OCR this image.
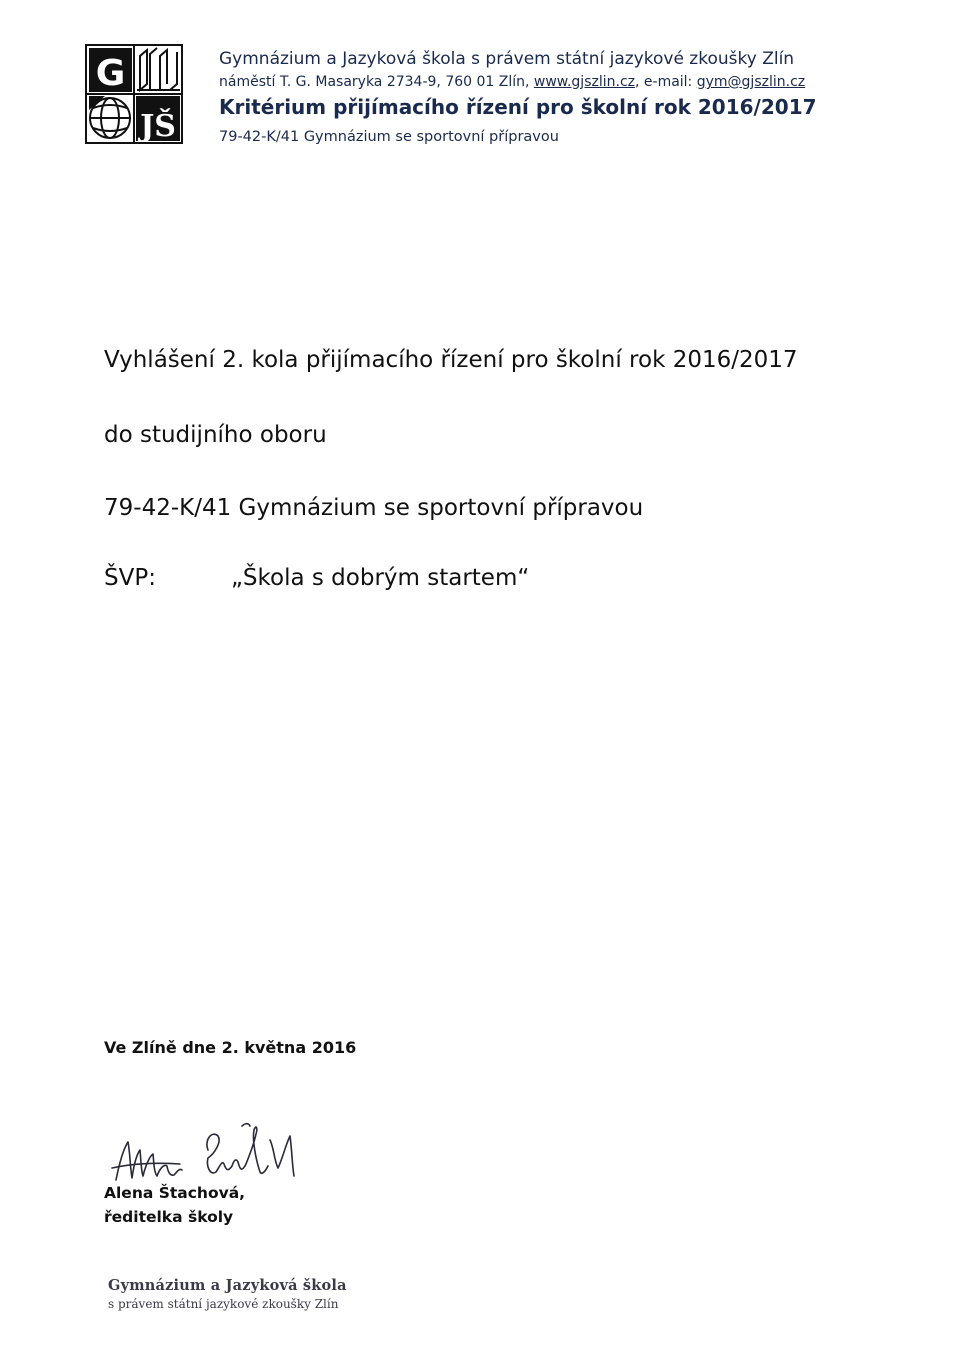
G
JŠ
Gymnázium a Jazyková škola s právem státní jazykové zkoušky Zlín
náměstí T. G. Masaryka 2734-9, 760 01 Zlín, www.gjszlin.cz, e-mail: gym@gjszlin.cz
Kritérium přijímacího řízení pro školní rok 2016/2017
79-42-K/41 Gymnázium se sportovní přípravou
Vyhlášení 2. kola přijímacího řízení pro školní rok 2016/2017
do studijního oboru
79-42-K/41 Gymnázium se sportovní přípravou
ŠVP:	„Škola s dobrým startem“
Ve Zlíně dne 2. května 2016
Alena Štachová,
ředitelka školy
Gymnázium a Jazyková škola
s právem státní jazykové zkoušky Zlín
